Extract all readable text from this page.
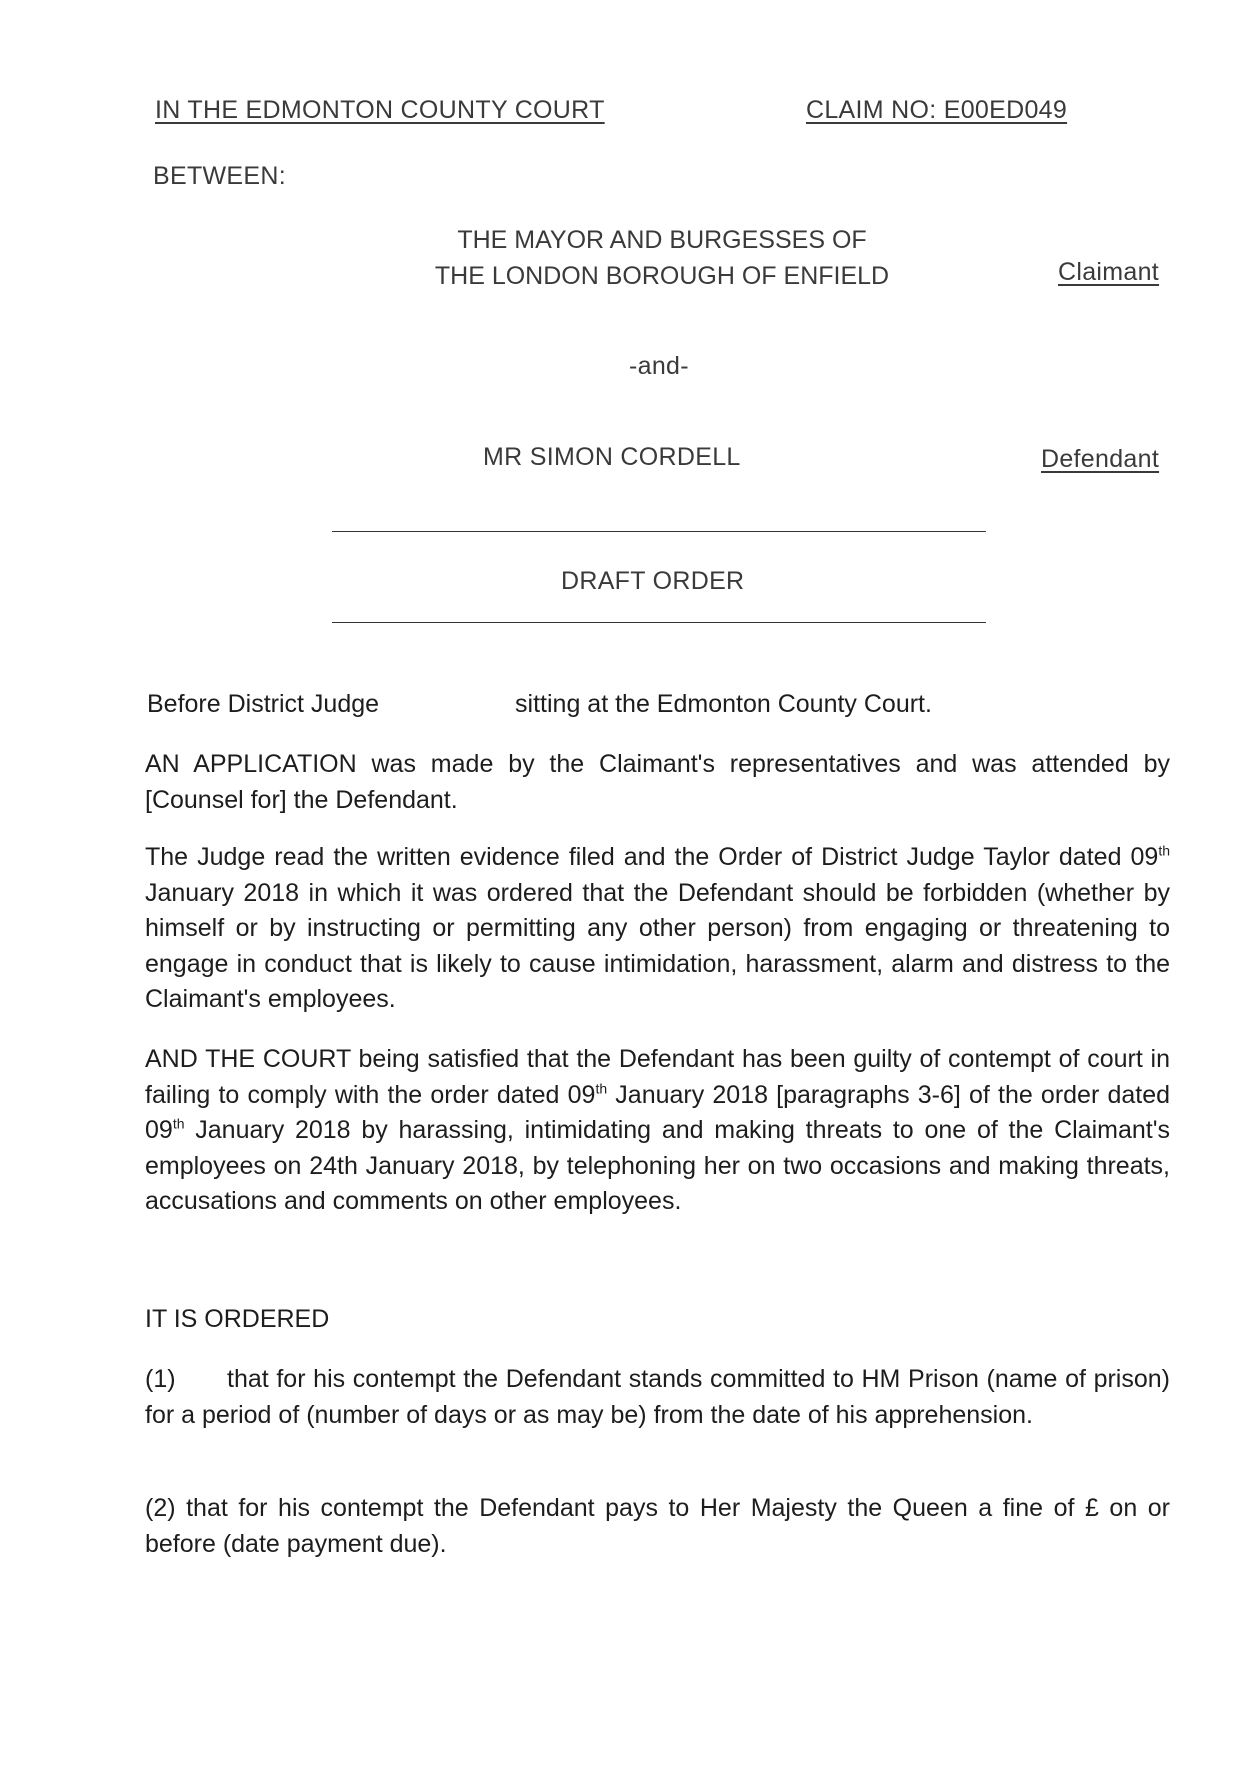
IN THE EDMONTON COUNTY COURT	CLAIM NO: E00ED049
BETWEEN:
THE MAYOR AND BURGESSES OF
THE LONDON BOROUGH OF ENFIELD	Claimant
-and-
MR SIMON CORDELL	Defendant
DRAFT ORDER
Before District Judge	sitting at the Edmonton County Court.
AN APPLICATION was made by the Claimant's representatives and was attended by [Counsel for] the Defendant.
The Judge read the written evidence filed and the Order of District Judge Taylor dated 09th January 2018 in which it was ordered that the Defendant should be forbidden (whether by himself or by instructing or permitting any other person) from engaging or threatening to engage in conduct that is likely to cause intimidation, harassment, alarm and distress to the Claimant's employees.
AND THE COURT being satisfied that the Defendant has been guilty of contempt of court in failing to comply with the order dated 09th January 2018 [paragraphs 3-6] of the order dated 09th January 2018 by harassing, intimidating and making threats to one of the Claimant's employees on 24th January 2018, by telephoning her on two occasions and making threats, accusations and comments on other employees.
IT IS ORDERED
(1) that for his contempt the Defendant stands committed to HM Prison (name of prison) for a period of (number of days or as may be) from the date of his apprehension.
(2) that for his contempt the Defendant pays to Her Majesty the Queen a fine of £ on or before (date payment due).
